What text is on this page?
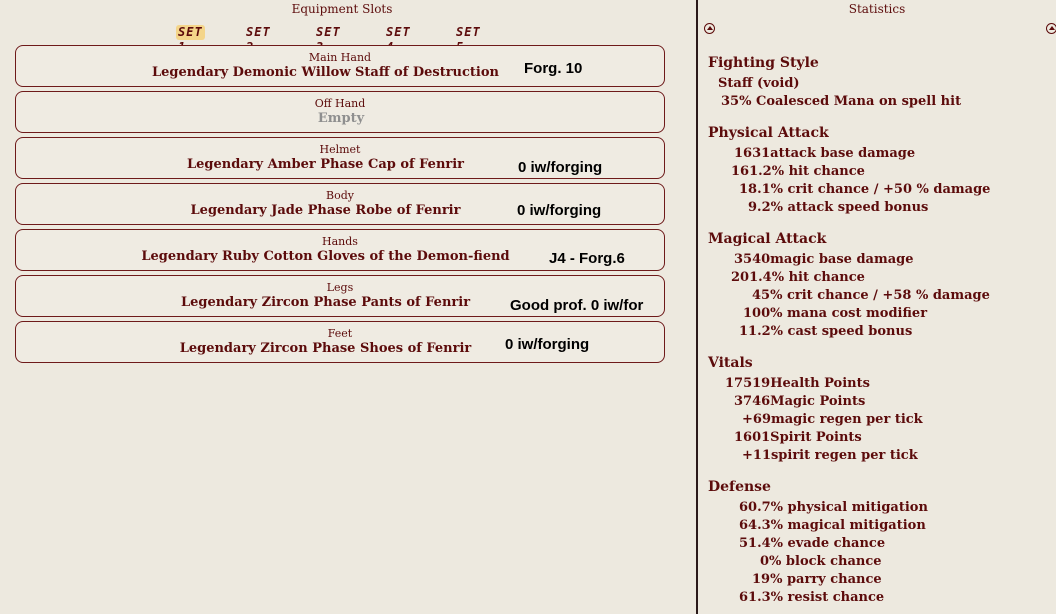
Equipment Slots
SET	SET	SET	SET	SET
Main Hand
Legendary Demonic Willow Staff of Destruction
Off Hand
Empty
Helmet
Legendary Amber Phase Cap of Fenrir
Body
Legendary Jade Phase Robe of Fenrir
Hands
Legendary Ruby Cotton Gloves of the Demon-fiend
Legs
Legendary Zircon Phase Pants of Fenrir
Feet
Legendary Zircon Phase Shoes of Fenrir
Forg. 10
0 iw/forging
0 iw/forging
J4 - Forg.6
Good prof. 0 iw/for
0 iw/forging
Statistics
Fighting Style
Staff (void)
35% Coalesced Mana on spell hit
Physical Attack
1631attack base damage
161.2% hit chance
18.1% crit chance / +50 % damage
9.2% attack speed bonus
Magical Attack
3540magic base damage
201.4% hit chance
45% crit chance / +58 % damage
100% mana cost modifier
11.2% cast speed bonus
Vitals
17519Health Points
3746Magic Points
+69magic regen per tick
1601Spirit Points
+11spirit regen per tick
Defense
60.7% physical mitigation
64.3% magical mitigation
51.4% evade chance
0% block chance
19% parry chance
61.3% resist chance
